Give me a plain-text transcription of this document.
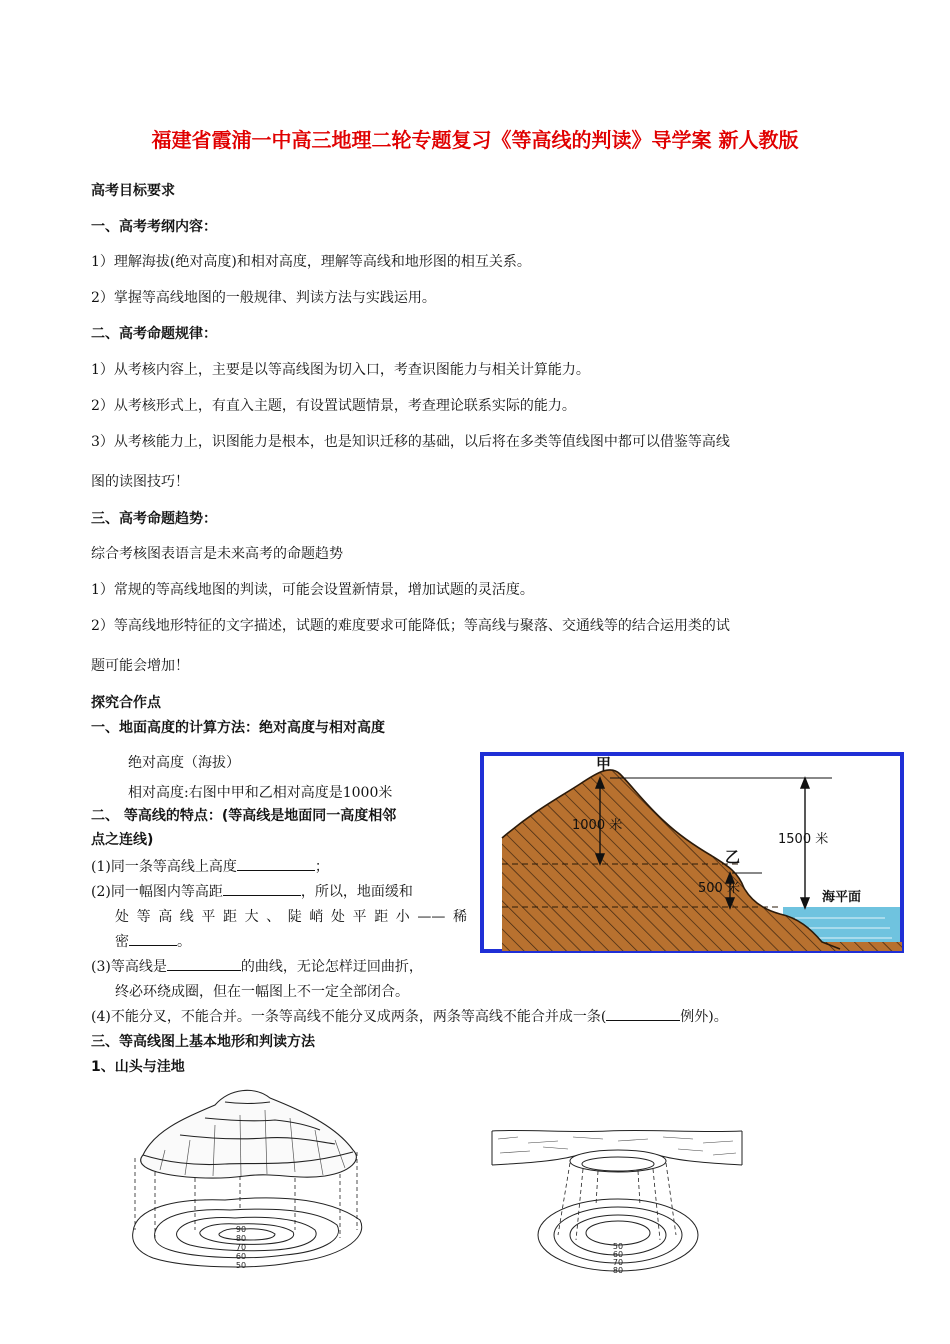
福建省霞浦一中高三地理二轮专题复习《等高线的判读》导学案 新人教版
高考目标要求
一、高考考纲内容：
1）理解海拔(绝对高度)和相对高度，理解等高线和地形图的相互关系。
2）掌握等高线地图的一般规律、判读方法与实践运用。
二、高考命题规律：
1）从考核内容上，主要是以等高线图为切入口，考查识图能力与相关计算能力。
2）从考核形式上，有直入主题，有设置试题情景，考查理论联系实际的能力。
3）从考核能力上，识图能力是根本，也是知识迁移的基础，以后将在多类等值线图中都可以借鉴等高线
图的读图技巧！
三、高考命题趋势：
综合考核图表语言是未来高考的命题趋势
1）常规的等高线地图的判读，可能会设置新情景，增加试题的灵活度。
2）等高线地形特征的文字描述，试题的难度要求可能降低；等高线与聚落、交通线等的结合运用类的试
题可能会增加！
探究合作点
一、地面高度的计算方法：绝对高度与相对高度
绝对高度（海拔）
相对高度:右图中甲和乙相对高度是1000米
二、 等高线的特点：(等高线是地面同一高度相邻
点之连线)
(1)同一条等高线上高度	；
(2)同一幅图内等高距	，所以，地面缓和
处等高线平距大、陡峭处平距小——稀
密	。
(3)等高线是	的曲线，无论怎样迂回曲折，
终必环绕成圈，但在一幅图上不一定全部闭合。
(4)不能分叉，不能合并。一条等高线不能分叉成两条，两条等高线不能合并成一条(	例外)。
三、等高线图上基本地形和判读方法
1、山头与洼地
甲
乙
1000 米
500 米
1500 米
海平面
90
80
70
60
50
50
60
70
80
